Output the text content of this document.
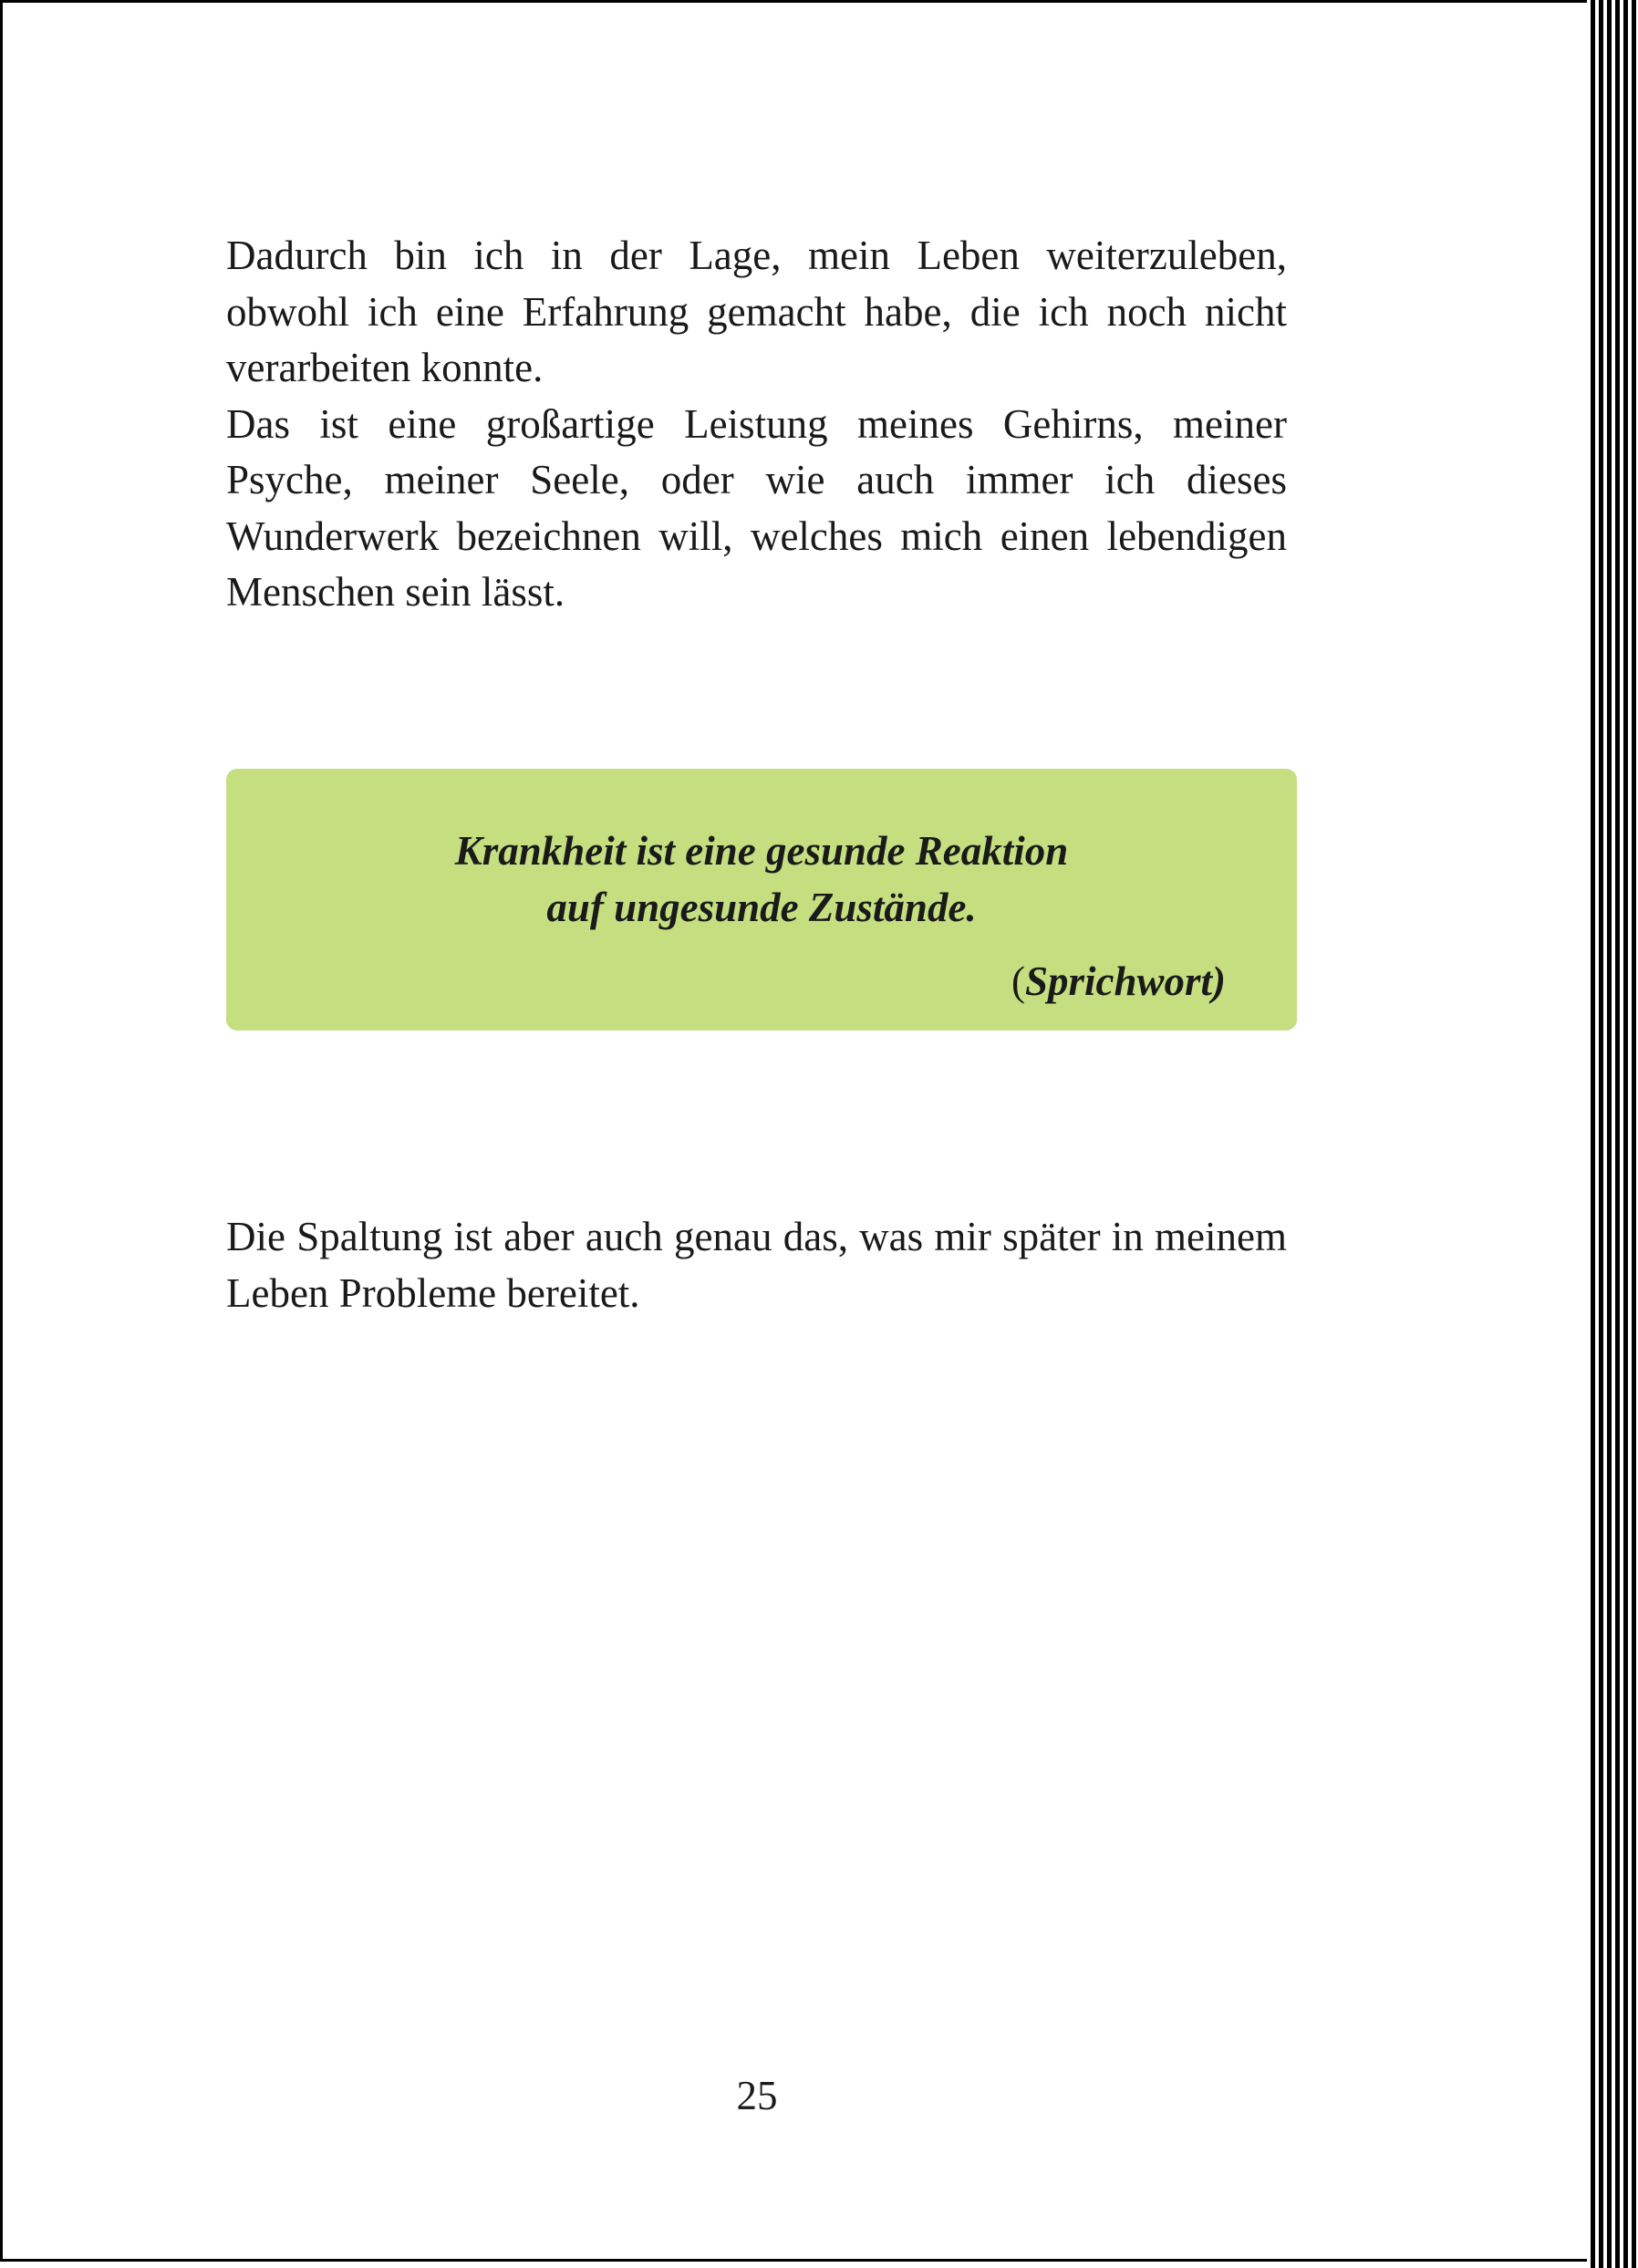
Dadurch bin ich in der Lage, mein Leben weiterzuleben, obwohl ich eine Erfahrung gemacht habe, die ich noch nicht verarbeiten konnte.

Das ist eine großartige Leistung meines Gehirns, meiner Psyche, meiner Seele, oder wie auch immer ich dieses Wunderwerk bezeichnen will, welches mich einen lebendigen Menschen sein lässt.

Krankheit ist eine gesunde Reaktion
auf ungesunde Zustände.
(Sprichwort)

Die Spaltung ist aber auch genau das, was mir später in meinem Leben Probleme bereitet.

25
